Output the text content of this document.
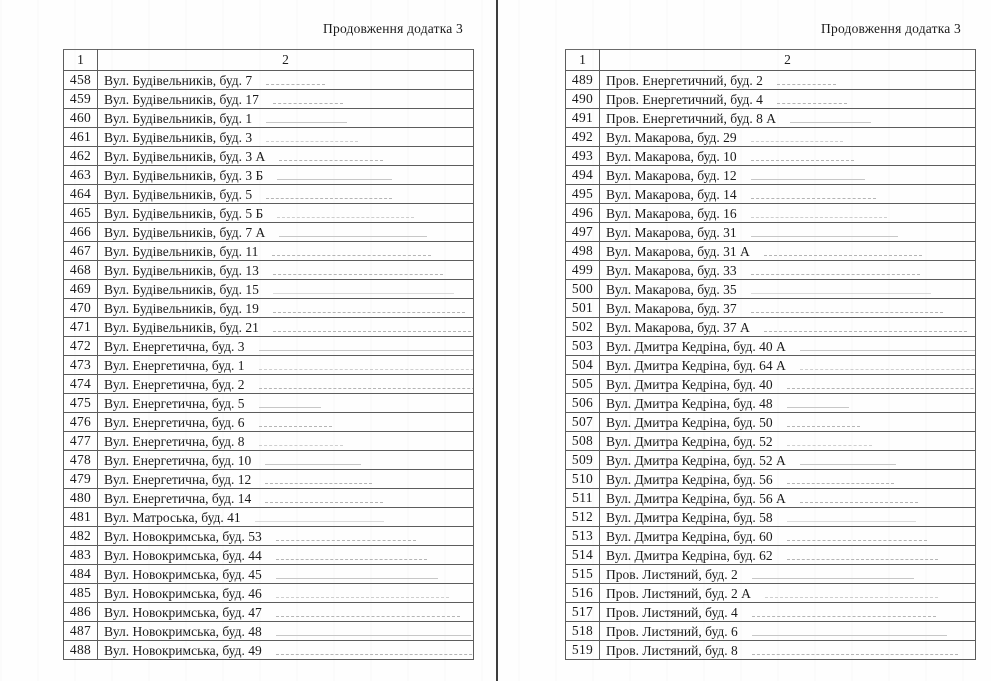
Продовження додатка 3
1	2
458	Вул. Будівельників, буд. 7

459	Вул. Будівельників, буд. 17

460	Вул. Будівельників, буд. 1

461	Вул. Будівельників, буд. 3

462	Вул. Будівельників, буд. 3 А

463	Вул. Будівельників, буд. 3 Б

464	Вул. Будівельників, буд. 5

465	Вул. Будівельників, буд. 5 Б

466	Вул. Будівельників, буд. 7 А

467	Вул. Будівельників, буд. 11

468	Вул. Будівельників, буд. 13

469	Вул. Будівельників, буд. 15

470	Вул. Будівельників, буд. 19

471	Вул. Будівельників, буд. 21

472	Вул. Енергетична, буд. 3

473	Вул. Енергетична, буд. 1

474	Вул. Енергетична, буд. 2

475	Вул. Енергетична, буд. 5

476	Вул. Енергетична, буд. 6

477	Вул. Енергетична, буд. 8

478	Вул. Енергетична, буд. 10

479	Вул. Енергетична, буд. 12

480	Вул. Енергетична, буд. 14

481	Вул. Матроська, буд. 41

482	Вул. Новокримська, буд. 53

483	Вул. Новокримська, буд. 44

484	Вул. Новокримська, буд. 45

485	Вул. Новокримська, буд. 46

486	Вул. Новокримська, буд. 47

487	Вул. Новокримська, буд. 48

488	Вул. Новокримська, буд. 49
Продовження додатка 3
1	2
489	Пров. Енергетичний, буд. 2

490	Пров. Енергетичний, буд. 4

491	Пров. Енергетичний, буд. 8 А

492	Вул. Макарова, буд. 29

493	Вул. Макарова, буд. 10

494	Вул. Макарова, буд. 12

495	Вул. Макарова, буд. 14

496	Вул. Макарова, буд. 16

497	Вул. Макарова, буд. 31

498	Вул. Макарова, буд. 31 А

499	Вул. Макарова, буд. 33

500	Вул. Макарова, буд. 35

501	Вул. Макарова, буд. 37

502	Вул. Макарова, буд. 37 А

503	Вул. Дмитра Кедріна, буд. 40 А

504	Вул. Дмитра Кедріна, буд. 64 А

505	Вул. Дмитра Кедріна, буд. 40

506	Вул. Дмитра Кедріна, буд. 48

507	Вул. Дмитра Кедріна, буд. 50

508	Вул. Дмитра Кедріна, буд. 52

509	Вул. Дмитра Кедріна, буд. 52 А

510	Вул. Дмитра Кедріна, буд. 56

511	Вул. Дмитра Кедріна, буд. 56 А

512	Вул. Дмитра Кедріна, буд. 58

513	Вул. Дмитра Кедріна, буд. 60

514	Вул. Дмитра Кедріна, буд. 62

515	Пров. Листяний, буд. 2

516	Пров. Листяний, буд. 2 А

517	Пров. Листяний, буд. 4

518	Пров. Листяний, буд. 6

519	Пров. Листяний, буд. 8
